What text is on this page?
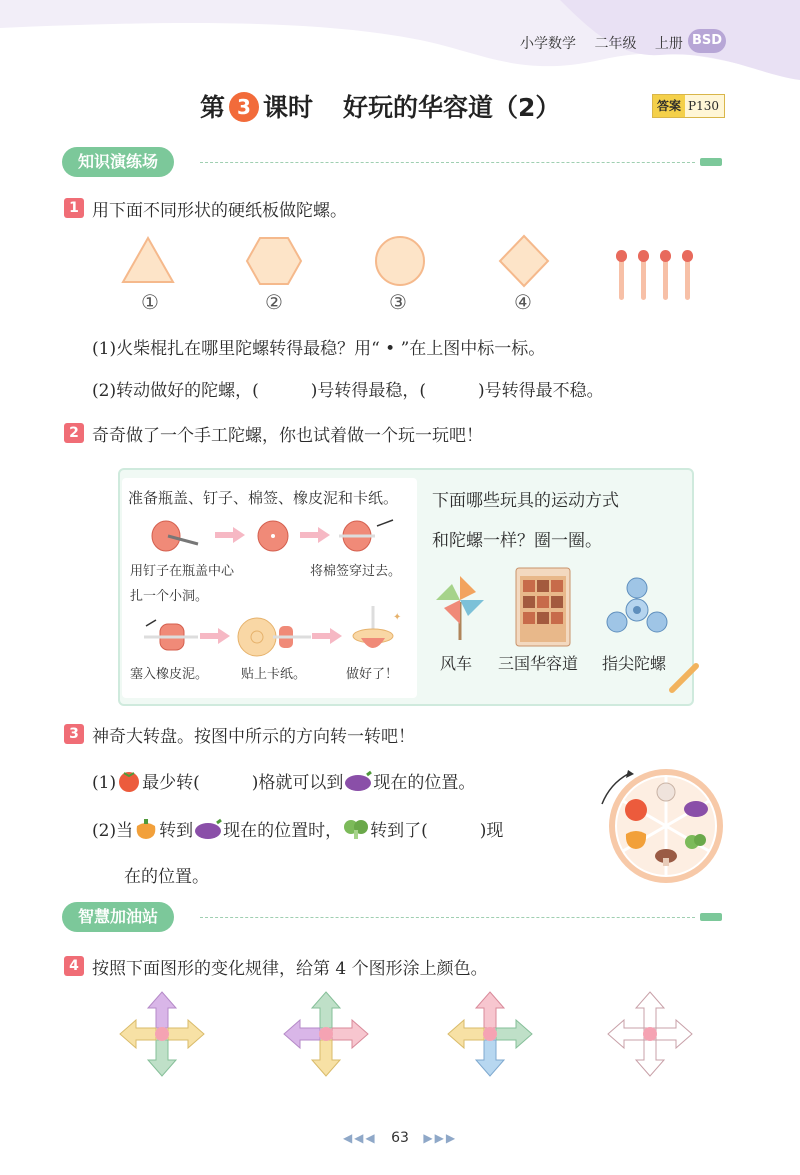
小学数学 二年级 上册 BSD
第 3 课时 好玩的华容道（2）	答案 P130
知识演练场
1 用下面不同形状的硬纸板做陀螺。
①	②	③	④
(1)火柴棍扎在哪里陀螺转得最稳？用“ • ”在上图中标一标。
(2)转动做好的陀螺，(	)号转得最稳，(	)号转得最不稳。
2 奇奇做了一个手工陀螺，你也试着做一个玩一玩吧！
准备瓶盖、钉子、棉签、橡皮泥和卡纸。
用钉子在瓶盖中心
扎一个小洞。
将棉签穿过去。
✦
塞入橡皮泥。	贴上卡纸。	做好了！
下面哪些玩具的运动方式
和陀螺一样？圈一圈。
风车 三国华容道 指尖陀螺
3 神奇大转盘。按图中所示的方向转一转吧！
(1) 最少转(	)格就可以到 现在的位置。
(2)当 转到 现在的位置时， 转到了(	)现
在的位置。
智慧加油站
4 按照下面图形的变化规律，给第 4 个图形涂上颜色。
◀◀◀ 63 ▶▶▶
